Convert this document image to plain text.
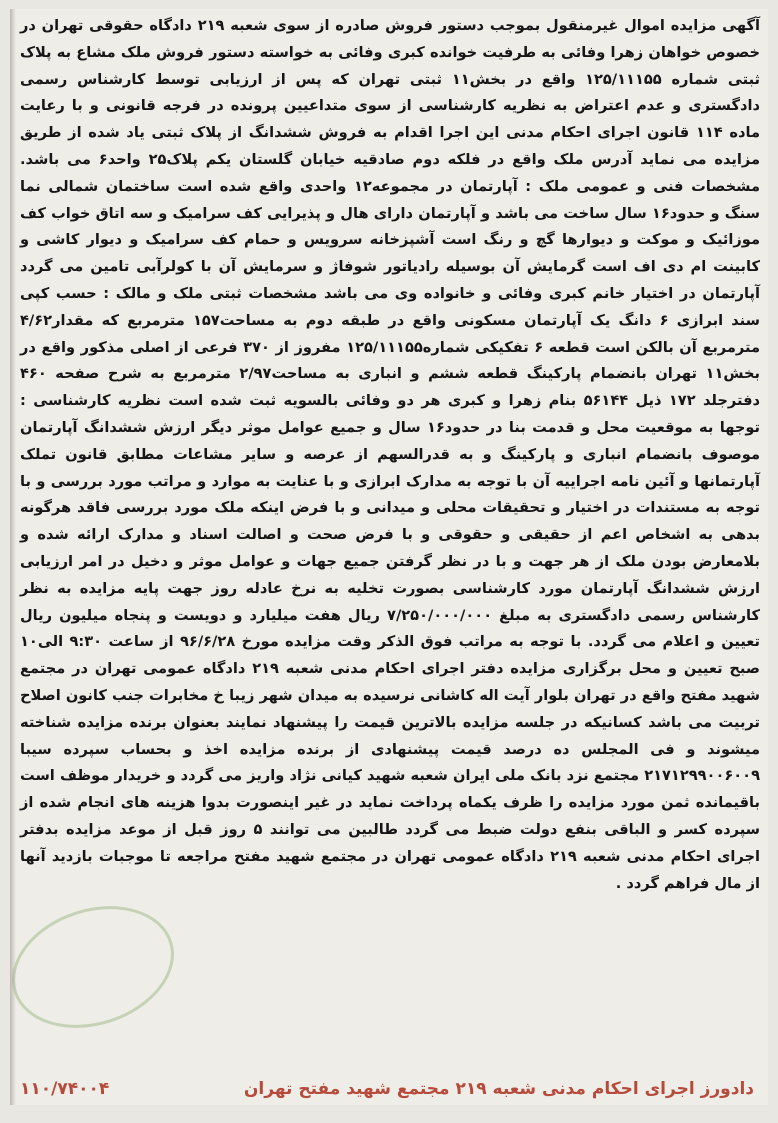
آگهی مزایده اموال غیرمنقول بموجب دستور فروش صادره از سوی شعبه ۲۱۹ دادگاه حقوقی تهران در خصوص خواهان زهرا وفائی به طرفیت خوانده کبری وفائی به خواسته دستور فروش ملک مشاع به پلاک ثبتی شماره ۱۲۵/۱۱۱۵۵ واقع در بخش۱۱ ثبتی تهران که پس از ارزیابی توسط کارشناس رسمی دادگستری و عدم اعتراض به نظریه کارشناسی از سوی متداعیین پرونده در فرجه قانونی و با رعایت ماده ۱۱۴ قانون اجرای احکام مدنی این اجرا اقدام به فروش ششدانگ از پلاک ثبتی یاد شده از طریق مزایده می نماید آدرس ملک واقع در فلکه دوم صادقیه خیابان گلستان یکم پلاک۲۵ واحد۶ می باشد. مشخصات فنی و عمومی ملک : آپارتمان در مجموعه۱۲ واحدی واقع شده است ساختمان شمالی نما سنگ و حدود۱۶ سال ساخت می باشد و آپارتمان دارای هال و پذیرایی کف سرامیک و سه اتاق خواب کف موزائیک و موکت و دیوارها گچ و رنگ است آشپزخانه سرویس و حمام کف سرامیک و دیوار کاشی و کابینت ام دی اف است گرمایش آن بوسیله رادیاتور شوفاژ و سرمایش آن با کولرآبی تامین می گردد آپارتمان در اختیار خانم کبری وفائی و خانواده وی می باشد مشخصات ثبتی ملک و مالک : حسب کپی سند ابرازی ۶ دانگ یک آپارتمان مسکونی واقع در طبقه دوم به مساحت۱۵۷ مترمربع که مقدار۴/۶۲ مترمربع آن بالکن است قطعه ۶ تفکیکی شماره۱۲۵/۱۱۱۵۵ مفروز از ۳۷۰ فرعی از اصلی مذکور واقع در بخش۱۱ تهران بانضمام پارکینگ قطعه ششم و انباری به مساحت۲/۹۷ مترمربع به شرح صفحه ۴۶۰ دفترجلد ۱۷۲ ذیل ۵۶۱۴۴ بنام زهرا و کبری هر دو وفائی بالسویه ثبت شده است نظریه کارشناسی : توجها به موقعیت محل و قدمت بنا در حدود۱۶ سال و جمیع عوامل موثر دیگر ارزش ششدانگ آپارتمان موصوف بانضمام انباری و پارکینگ و به قدرالسهم از عرصه و سایر مشاعات مطابق قانون تملک آپارتمانها و آئین نامه اجراییه آن با توجه به مدارک ابرازی و با عنایت به موارد و مراتب مورد بررسی و با توجه به مستندات در اختیار و تحقیقات محلی و میدانی و با فرض اینکه ملک مورد بررسی فاقد هرگونه بدهی به اشخاص اعم از حقیقی و حقوقی و با فرض صحت و اصالت اسناد و مدارک ارائه شده و بلامعارض بودن ملک از هر جهت و با در نظر گرفتن جمیع جهات و عوامل موثر و دخیل در امر ارزیابی ارزش ششدانگ آپارتمان مورد کارشناسی بصورت تخلیه به نرخ عادله روز جهت پایه مزایده به نظر کارشناس رسمی دادگستری به مبلغ ۷/۲۵۰/۰۰۰/۰۰۰ ریال هفت میلیارد و دویست و پنجاه میلیون ریال تعیین و اعلام می گردد. با توجه به مراتب فوق الذکر وقت مزایده مورخ ۹۶/۶/۲۸ از ساعت ۹:۳۰ الی۱۰ صبح تعیین و محل برگزاری مزایده دفتر اجرای احکام مدنی شعبه ۲۱۹ دادگاه عمومی تهران در مجتمع شهید مفتح واقع در تهران بلوار آیت اله کاشانی نرسیده به میدان شهر زیبا خ مخابرات جنب کانون اصلاح تربیت می باشد کسانیکه در جلسه مزایده بالاترین قیمت را پیشنهاد نمایند بعنوان برنده مزایده شناخته میشوند و فی المجلس ده درصد قیمت پیشنهادی از برنده مزایده اخذ و بحساب سپرده سیبا ۲۱۷۱۲۹۹۰۰۶۰۰۹ مجتمع نزد بانک ملی ایران شعبه شهید کیانی نژاد واریز می گردد و خریدار موظف است باقیمانده ثمن مورد مزایده را ظرف یکماه پرداخت نماید در غیر اینصورت بدوا هزینه های انجام شده از سپرده کسر و الباقی بنفع دولت ضبط می گردد طالبین می توانند ۵ روز قبل از موعد مزایده بدفتر اجرای احکام مدنی شعبه ۲۱۹ دادگاه عمومی تهران در مجتمع شهید مفتح مراجعه تا موجبات بازدید آنها از مال فراهم گردد .

دادورز اجرای احکام مدنی شعبه ۲۱۹ مجتمع شهید مفتح تهران
۱۱۰/۷۴۰۰۴
